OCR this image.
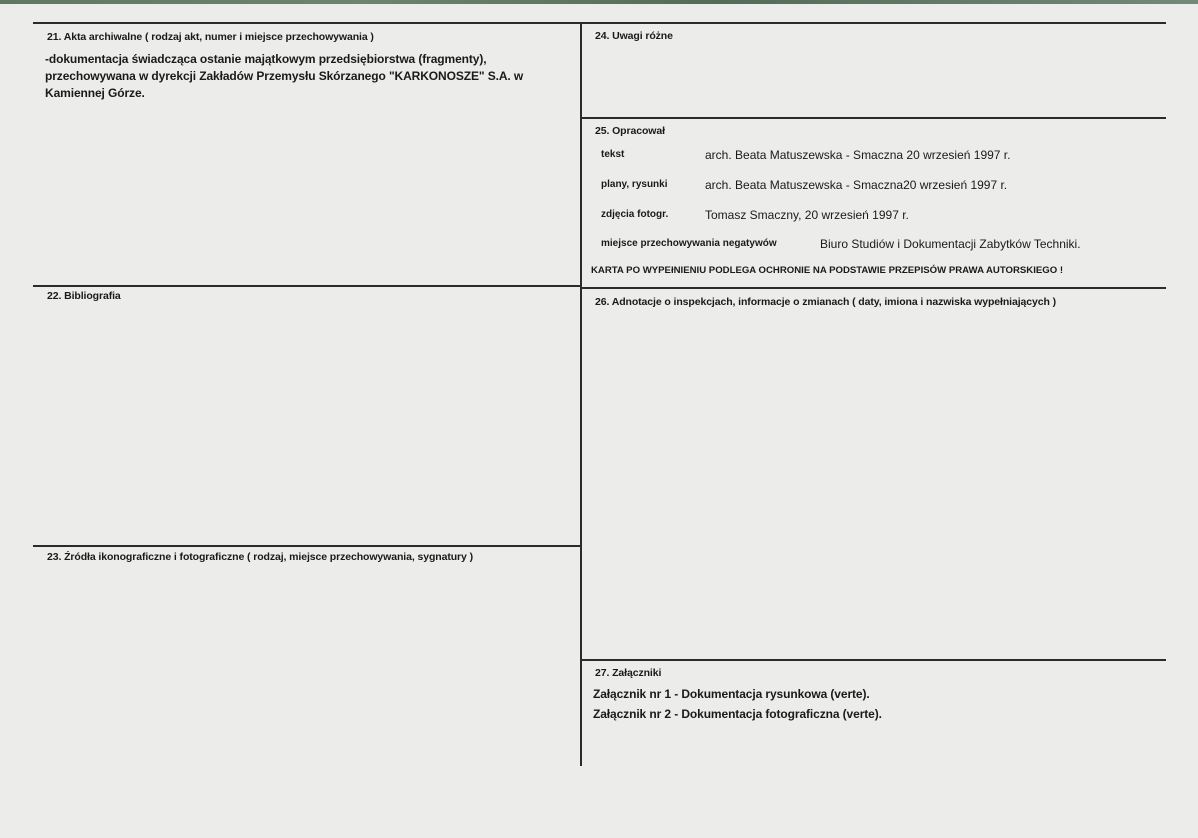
21. Akta archiwalne ( rodzaj akt, numer i miejsce przechowywania )
-dokumentacja świadcząca ostanie majątkowym przedsiębiorstwa (fragmenty),
przechowywana w dyrekcji Zakładów Przemysłu Skórzanego "KARKONOSZE" S.A. w
Kamiennej Górze.
22. Bibliografia
23. Źródła ikonograficzne i fotograficzne ( rodzaj, miejsce przechowywania, sygnatury )
24. Uwagi różne
25. Opracował
tekst	arch. Beata Matuszewska - Smaczna 20 wrzesień 1997 r.
plany, rysunki	arch. Beata Matuszewska - Smaczna20 wrzesień 1997 r.
zdjęcia fotogr.	Tomasz Smaczny, 20 wrzesień 1997 r.
miejsce przechowywania negatywów	Biuro Studiów i Dokumentacji Zabytków Techniki.
KARTA PO WYPEłNIENIU PODLEGA OCHRONIE NA PODSTAWIE PRZEPISÓW PRAWA AUTORSKIEGO !
26. Adnotacje o inspekcjach, informacje o zmianach ( daty, imiona i nazwiska wypełniających )
27. Załączniki
Załącznik nr 1 - Dokumentacja rysunkowa (verte).
Załącznik nr 2 - Dokumentacja fotograficzna (verte).
